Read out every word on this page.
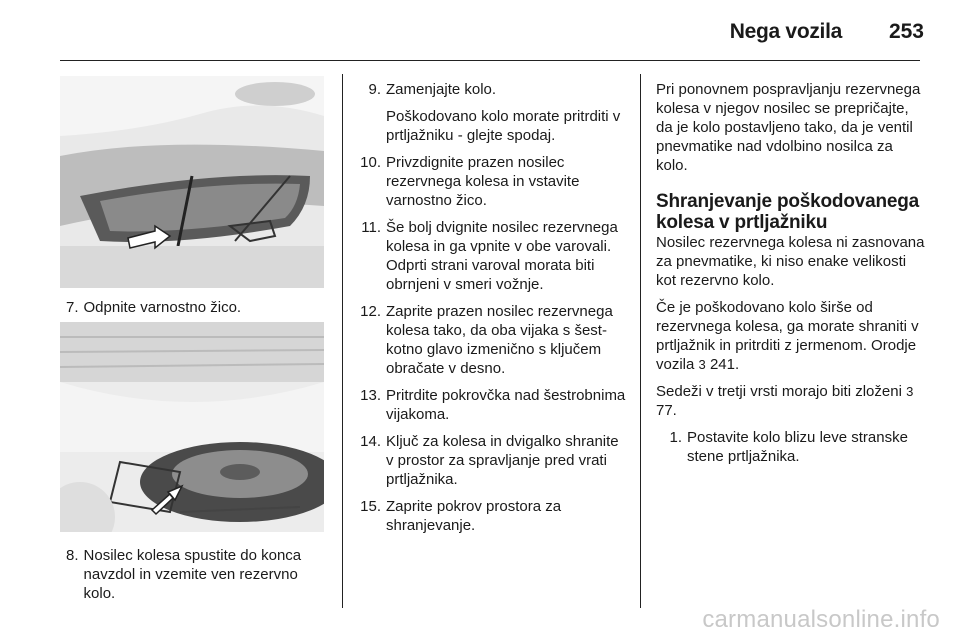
Nega vozila	253
7. Odpnite varnostno žico.
8. Nosilec kolesa spustite do konca navzdol in vzemite ven rezervno kolo.
9. Zamenjajte kolo.
Poškodovano kolo morate pritrditi v prtljažniku - glejte spodaj.
10. Privzdignite prazen nosilec rezervnega kolesa in vstavite varnostno žico.
11. Še bolj dvignite nosilec rezervnega kolesa in ga vpnite v obe varovali. Odprti strani varoval morata biti obrnjeni v smeri vožnje.
12. Zaprite prazen nosilec rezervnega kolesa tako, da oba vijaka s šest-kotno glavo izmenično s ključem obračate v desno.
13. Pritrdite pokrovčka nad šestrobnima vijakoma.
14. Ključ za kolesa in dvigalko shranite v prostor za spravljanje pred vrati prtljažnika.
15. Zaprite pokrov prostora za shranjevanje.

Pri ponovnem pospravljanju rezervnega kolesa v njegov nosilec se prepričajte, da je kolo postavljeno tako, da je ventil pnevmatike nad vdolbino nosilca za kolo.

Shranjevanje poškodovanega kolesa v prtljažniku

Nosilec rezervnega kolesa ni zasnovana za pnevmatike, ki niso enake velikosti kot rezervno kolo.

Če je poškodovano kolo širše od rezervnega kolesa, ga morate shraniti v prtljažnik in pritrditi z jermenom. Orodje vozila 3 241.

Sedeži v tretji vrsti morajo biti zloženi 3 77.

1. Postavite kolo blizu leve stranske stene prtljažnika.
carmanualsonline.info
